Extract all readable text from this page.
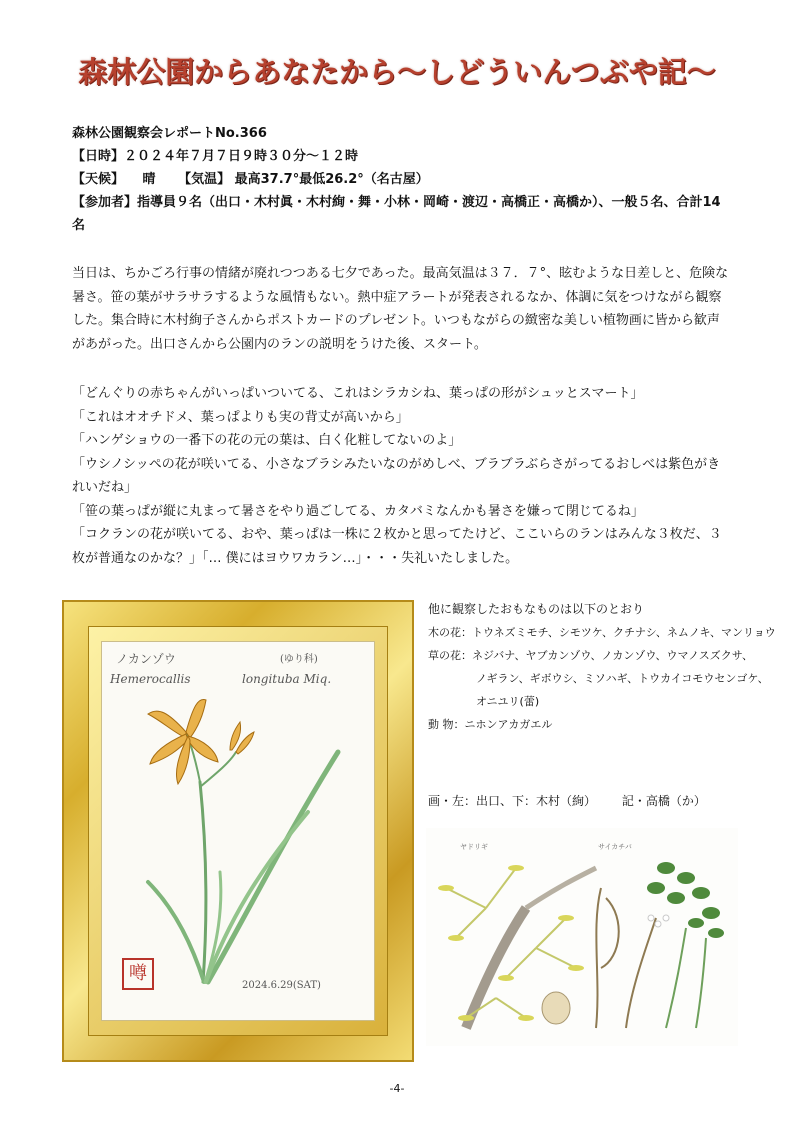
森林公園からあなたから～しどういんつぶや記～
森林公園観察会レポートNo.366
【日時】２０２４年７月７日９時３０分～１２時
【天候】 晴 【気温】 最高37.7°最低26.2°（名古屋）
【参加者】指導員９名（出口・木村眞・木村絢・舞・小林・岡崎・渡辺・高橋正・高橋か）、一般５名、合計14名
当日は、ちかごろ行事の情緒が廃れつつある七夕であった。最高気温は３７．７°、眩むような日差しと、危険な暑さ。笹の葉がサラサラするような風情もない。熱中症アラートが発表されるなか、体調に気をつけながら観察した。集合時に木村絢子さんからポストカードのプレゼント。いつもながらの緻密な美しい植物画に皆から歓声があがった。出口さんから公園内のランの説明をうけた後、スタート。

「どんぐりの赤ちゃんがいっぱいついてる、これはシラカシね、葉っぱの形がシュッとスマート」

「これはオオチドメ、葉っぱよりも実の背丈が高いから」

「ハンゲショウの一番下の花の元の葉は、白く化粧してないのよ」

「ウシノシッペの花が咲いてる、小さなブラシみたいなのがめしべ、ブラブラぶらさがってるおしべは紫色がきれいだね」

「笹の葉っぱが縦に丸まって暑さをやり過ごしてる、カタバミなんかも暑さを嫌って閉じてるね」

「コクランの花が咲いてる、おや、葉っぱは一株に２枚かと思ってたけど、ここいらのランはみんな３枚だ、３枚が普通なのかな？」「… 僕にはヨウワカラン…」・・・失礼いたしました。

ノカンゾウ	(ゆり科)
Hemerocallis	longituba Miq.
噂
2024.6.29(SAT)
他に観察したおもなものは以下のとおり
木の花：トウネズミモチ、シモツケ、クチナシ、ネムノキ、マンリョウ
草の花：ネジバナ、ヤブカンゾウ、ノカンゾウ、ウマノスズクサ、
ノギラン、ギボウシ、ミソハギ、トウカイコモウセンゴケ、
オニユリ(蕾)
動 物：ニホンアカガエル
画・左：出口、下：木村（絢） 記・高橋（か）
ヤドリギ	サイカチバ
-4-
